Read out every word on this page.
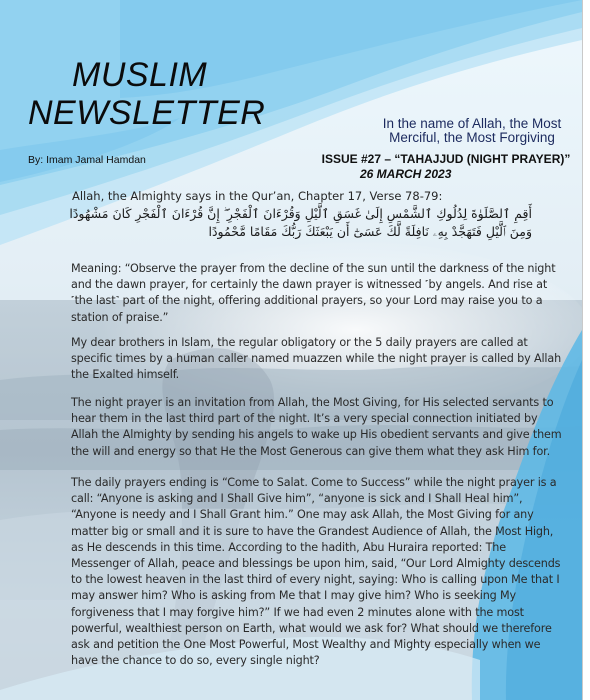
MUSLIM
NEWSLETTER	In the name of Allah, the Most Merciful, the Most Forgiving
By: Imam Jamal Hamdan	ISSUE #27 – “TAHAJJUD (NIGHT PRAYER)”
26 MARCH 2023
Allah, the Almighty says in the Qur’an, Chapter 17, Verse 78-79:
أَقِمِ ٱلصَّلَوٰةَ لِدُلُوكِ ٱلشَّمْسِ إِلَىٰ غَسَقِ ٱلَّيْلِ وَقُرْءَانَ ٱلْفَجْرِ ۖ إِنَّ قُرْءَانَ ٱلْفَجْرِ كَانَ مَشْهُودًا
وَمِنَ ٱلَّيْلِ فَتَهَجَّدْ بِهِۦ نَافِلَةً لَّكَ عَسَىٰٓ أَن يَبْعَثَكَ رَبُّكَ مَقَامًا مَّحْمُودًا

Meaning: “Observe the prayer from the decline of the sun until the darkness of the night and the dawn prayer, for certainly the dawn prayer is witnessed ˹by angels. And rise at ˹the last˺ part of the night, offering additional prayers, so your Lord may raise you to a station of praise.”

My dear brothers in Islam, the regular obligatory or the 5 daily prayers are called at specific times by a human caller named muazzen while the night prayer is called by Allah the Exalted himself.

The night prayer is an invitation from Allah, the Most Giving, for His selected servants to hear them in the last third part of the night. It’s a very special connection initiated by Allah the Almighty by sending his angels to wake up His obedient servants and give them the will and energy so that He the Most Generous can give them what they ask Him for.

The daily prayers ending is “Come to Salat. Come to Success” while the night prayer is a call: “Anyone is asking and I Shall Give him”, “anyone is sick and I Shall Heal him”, “Anyone is needy and I Shall Grant him.” One may ask Allah, the Most Giving for any matter big or small and it is sure to have the Grandest Audience of Allah, the Most High, as He descends in this time. According to the hadith, Abu Huraira reported: The Messenger of Allah, peace and blessings be upon him, said, “Our Lord Almighty descends to the lowest heaven in the last third of every night, saying: Who is calling upon Me that I may answer him? Who is asking from Me that I may give him? Who is seeking My forgiveness that I may forgive him?” If we had even 2 minutes alone with the most powerful, wealthiest person on Earth, what would we ask for? What should we therefore ask and petition the One Most Powerful, Most Wealthy and Mighty especially when we have the chance to do so, every single night?
